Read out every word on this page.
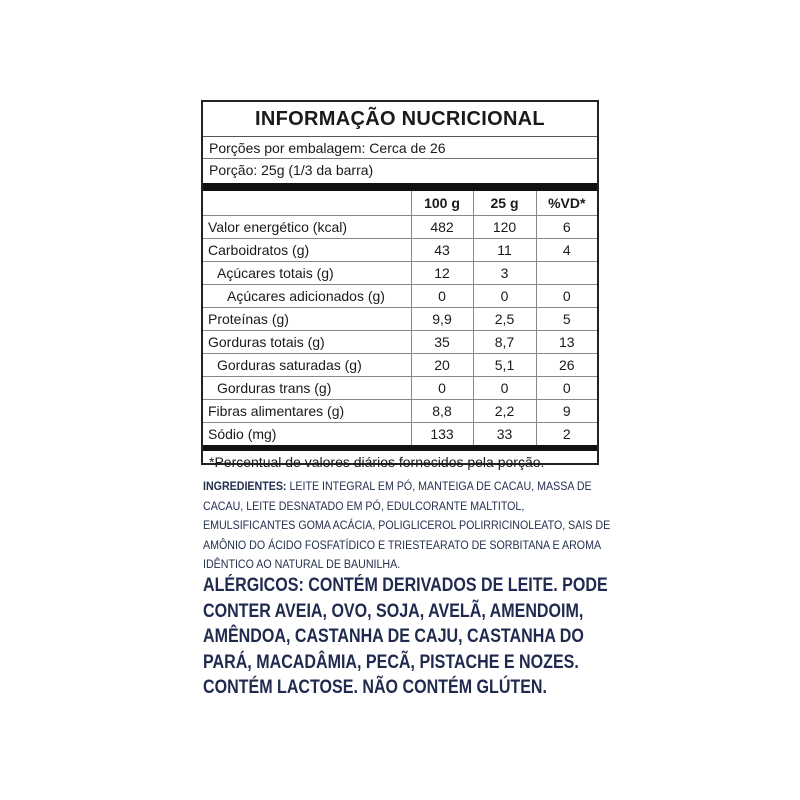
INFORMAÇÃO NUCRICIONAL
Porções por embalagem: Cerca de 26
Porção: 25g (1/3 da barra)
	100 g	25 g	%VD*
Valor energético (kcal)	482	120	6
Carboidratos (g)	43	11	4
Açúcares totais (g)	12	3	
Açúcares adicionados (g)	0	0	0
Proteínas (g)	9,9	2,5	5
Gorduras totais (g)	35	8,7	13
Gorduras saturadas (g)	20	5,1	26
Gorduras trans (g)	0	0	0
Fibras alimentares (g)	8,8	2,2	9
Sódio (mg)	133	33	2
*Percentual de valores diários fornecidos pela porção.
INGREDIENTES: LEITE INTEGRAL EM PÓ, MANTEIGA DE CACAU, MASSA DE CACAU, LEITE DESNATADO EM PÓ, EDULCORANTE MALTITOL, EMULSIFICANTES GOMA ACÁCIA, POLIGLICEROL POLIRRICINOLEATO, SAIS DE AMÔNIO DO ÁCIDO FOSFATÍDICO E TRIESTEARATO DE SORBITANA E AROMA IDÊNTICO AO NATURAL DE BAUNILHA.
ALÉRGICOS: CONTÉM DERIVADOS DE LEITE. PODE CONTER AVEIA, OVO, SOJA, AVELÃ, AMENDOIM, AMÊNDOA, CASTANHA DE CAJU, CASTANHA DO PARÁ, MACADÂMIA, PECÃ, PISTACHE E NOZES. CONTÉM LACTOSE. NÃO CONTÉM GLÚTEN.
